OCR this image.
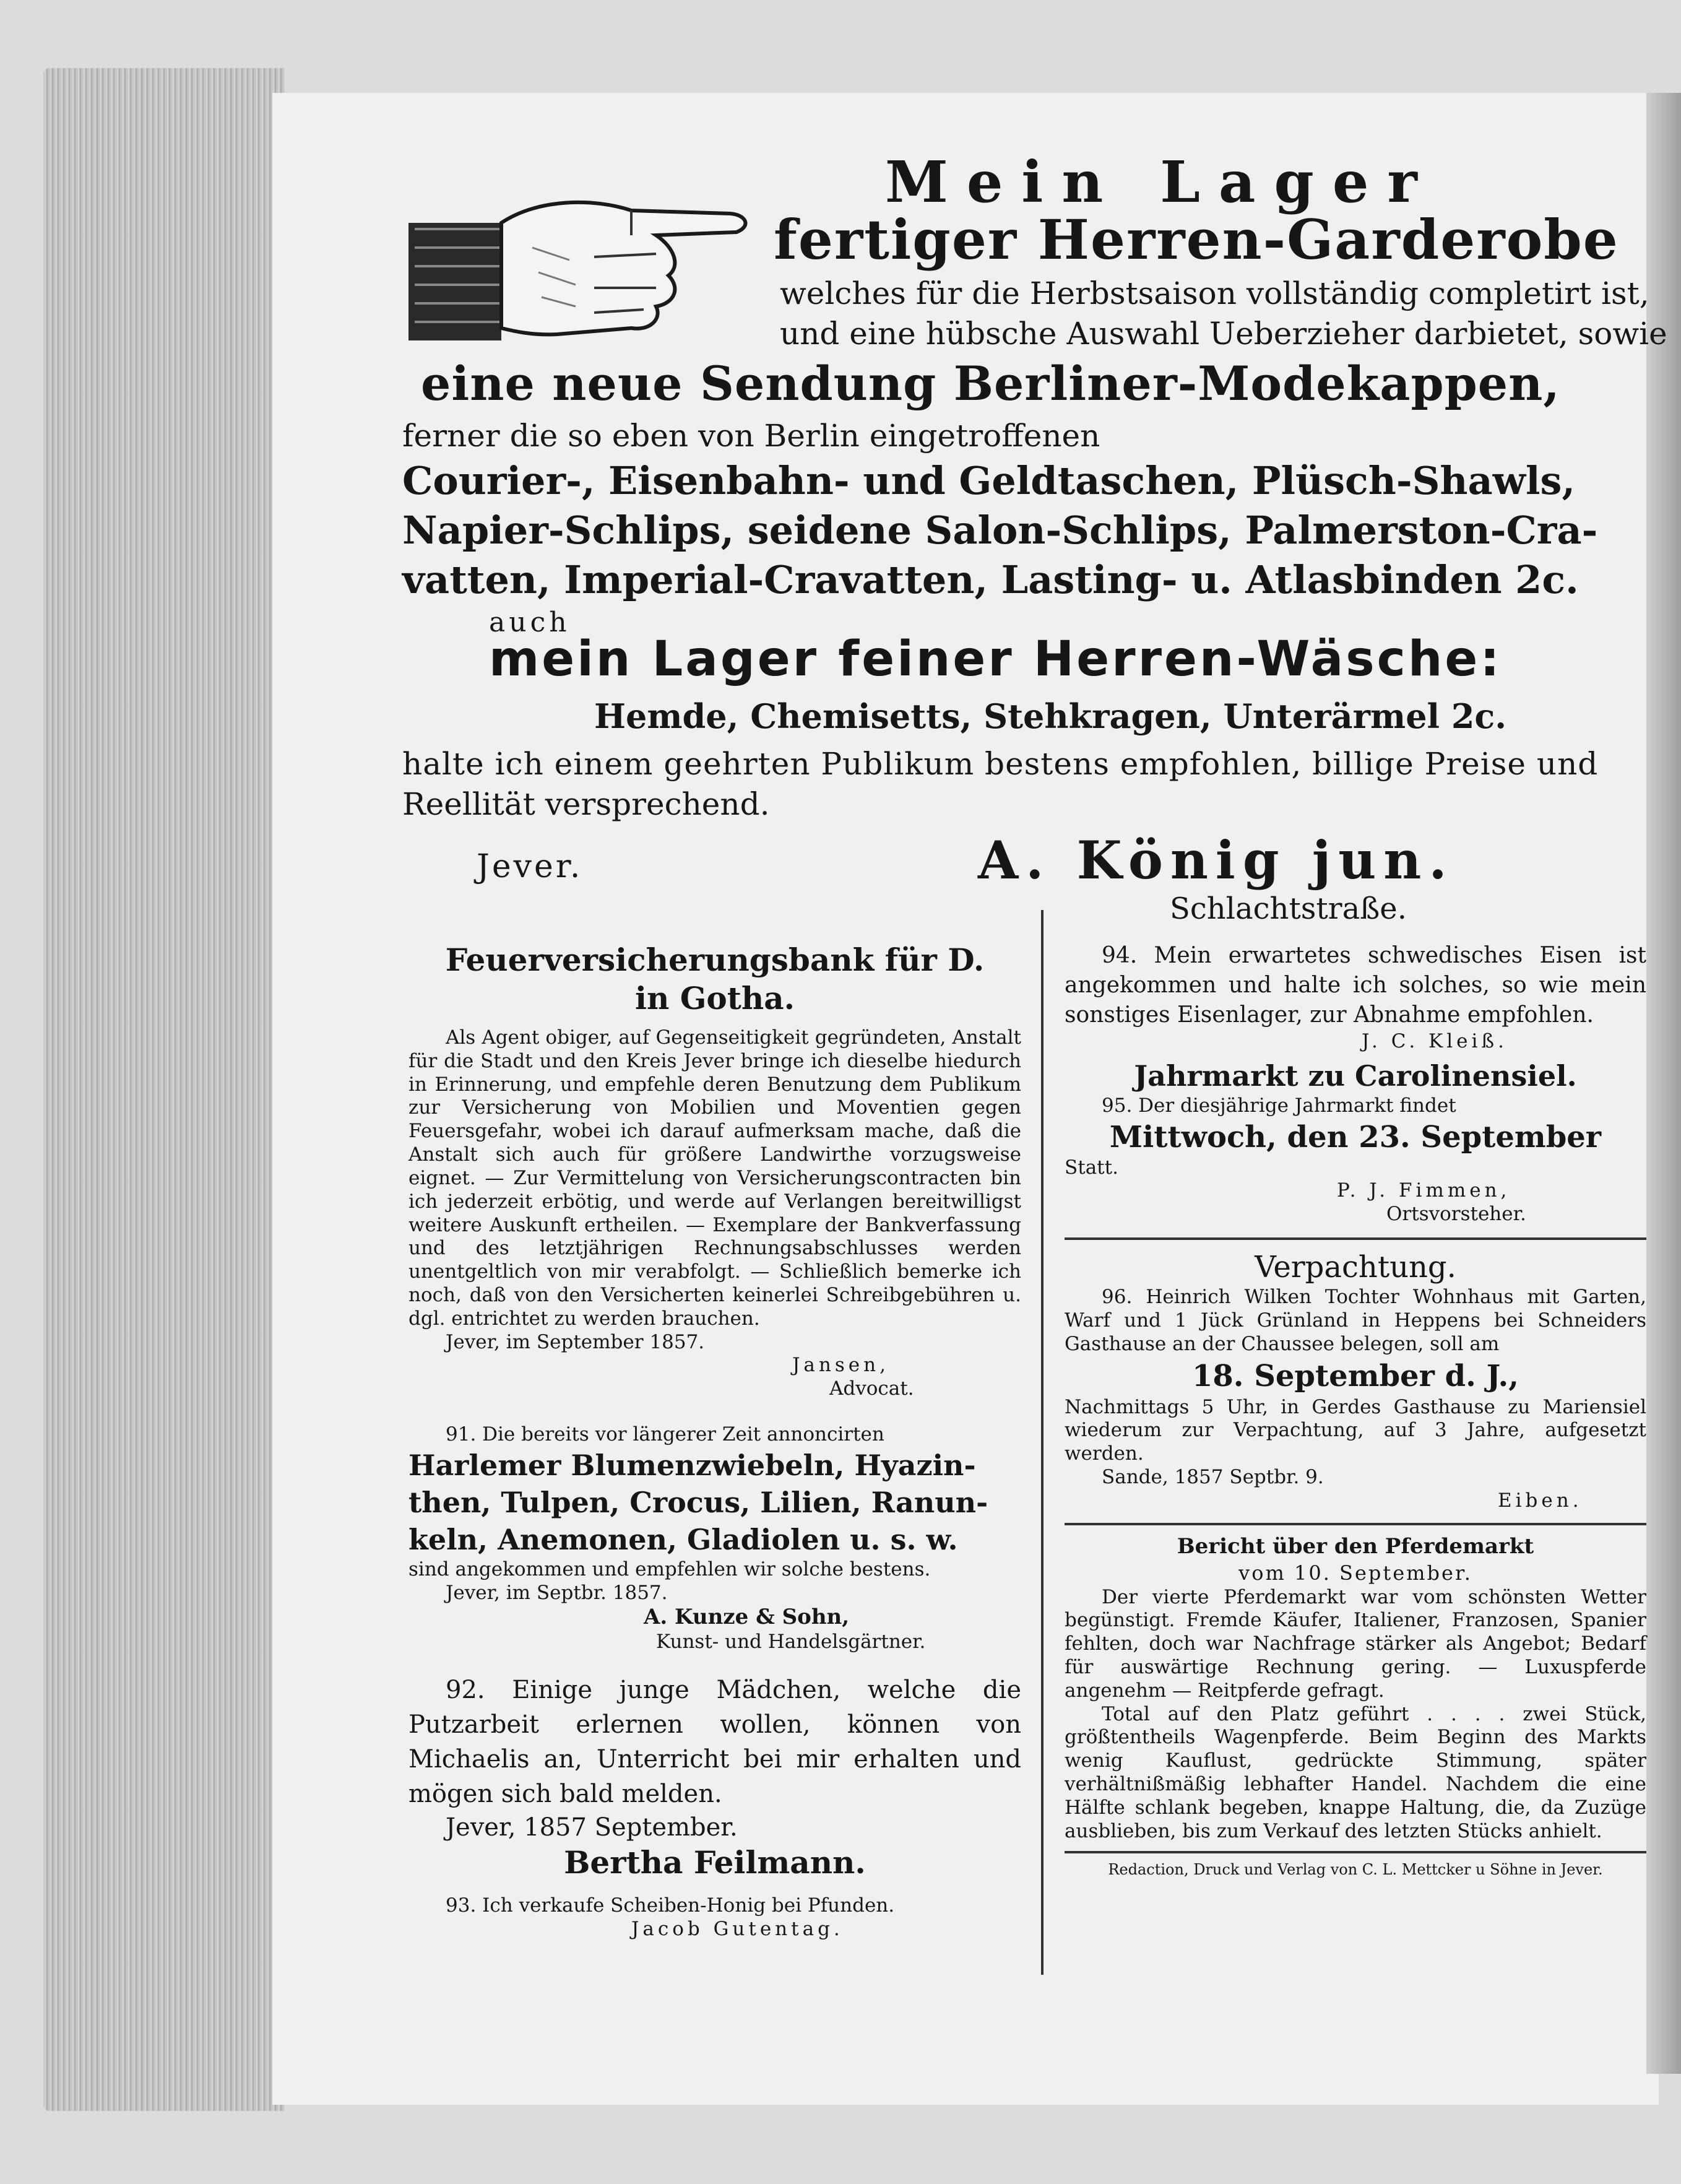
Mein Lager
fertiger Herren-Garderobe
welches für die Herbstsaison vollständig completirt ist,
und eine hübsche Auswahl Ueberzieher darbietet, sowie
eine neue Sendung Berliner-Modekappen,
ferner die so eben von Berlin eingetroffenen
Courier-, Eisenbahn- und Geldtaschen, Plüsch-Shawls,
Napier-Schlips, seidene Salon-Schlips, Palmerston-Cra-
vatten, Imperial-Cravatten, Lasting- u. Atlasbinden 2c.
auch
mein Lager feiner Herren-Wäsche:
Hemde, Chemisetts, Stehkragen, Unterärmel 2c.
halte ich einem geehrten Publikum bestens empfohlen, billige Preise und
Reellität versprechend.
Jever.	A. König jun.
Schlachtstraße.

Feuerversicherungsbank für D.

in Gotha.

Als Agent obiger, auf Gegenseitigkeit gegründeten, Anstalt für die Stadt und den Kreis Jever bringe ich dieselbe hiedurch in Erinnerung, und empfehle deren Benutzung dem Publikum zur Versicherung von Mobilien und Moventien gegen Feuersgefahr, wobei ich darauf aufmerksam mache, daß die Anstalt sich auch für größere Landwirthe vorzugsweise eignet. — Zur Vermittelung von Versicherungscontracten bin ich jederzeit erbötig, und werde auf Verlangen bereitwilligst weitere Auskunft ertheilen. — Exemplare der Bankverfassung und des letztjährigen Rechnungsabschlusses werden unentgeltlich von mir verabfolgt. — Schließlich bemerke ich noch, daß von den Versicherten keinerlei Schreibgebühren u. dgl. entrichtet zu werden brauchen.

Jever, im September 1857.

Jansen,

Advocat.

91. Die bereits vor längerer Zeit annoncirten

Harlemer Blumenzwiebeln, Hyazin-

then, Tulpen, Crocus, Lilien, Ranun-

keln, Anemonen, Gladiolen u. s. w.

sind angekommen und empfehlen wir solche bestens.

Jever, im Septbr. 1857.

A. Kunze & Sohn,

Kunst- und Handelsgärtner.

92. Einige junge Mädchen, welche die Putzarbeit erlernen wollen, können von Michaelis an, Unterricht bei mir erhalten und mögen sich bald melden.

Jever, 1857 September.

Bertha Feilmann.

93. Ich verkaufe Scheiben-Honig bei Pfunden.

Jacob Gutentag.

94. Mein erwartetes schwedisches Eisen ist angekommen und halte ich solches, so wie mein sonstiges Eisenlager, zur Abnahme empfohlen.

J. C. Kleiß.

Jahrmarkt zu Carolinensiel.

95. Der diesjährige Jahrmarkt findet

Mittwoch, den 23. September

Statt.

P. J. Fimmen,

Ortsvorsteher.

Verpachtung.

96. Heinrich Wilken Tochter Wohnhaus mit Garten, Warf und 1 Jück Grünland in Heppens bei Schneiders Gasthause an der Chaussee belegen, soll am

18. September d. J.,

Nachmittags 5 Uhr, in Gerdes Gasthause zu Mariensiel wiederum zur Verpachtung, auf 3 Jahre, aufgesetzt werden.

Sande, 1857 Septbr. 9.

Eiben.

Bericht über den Pferdemarkt

vom 10. September.

Der vierte Pferdemarkt war vom schönsten Wetter begünstigt. Fremde Käufer, Italiener, Franzosen, Spanier fehlten, doch war Nachfrage stärker als Angebot; Bedarf für auswärtige Rechnung gering. — Luxuspferde angenehm — Reitpferde gefragt.

Total auf den Platz geführt . . . . zwei Stück, größtentheils Wagenpferde. Beim Beginn des Markts wenig Kauflust, gedrückte Stimmung, später verhältnißmäßig lebhafter Handel. Nachdem die eine Hälfte schlank begeben, knappe Haltung, die, da Zuzüge ausblieben, bis zum Verkauf des letzten Stücks anhielt.

Redaction, Druck und Verlag von C. L. Mettcker u Söhne in Jever.
